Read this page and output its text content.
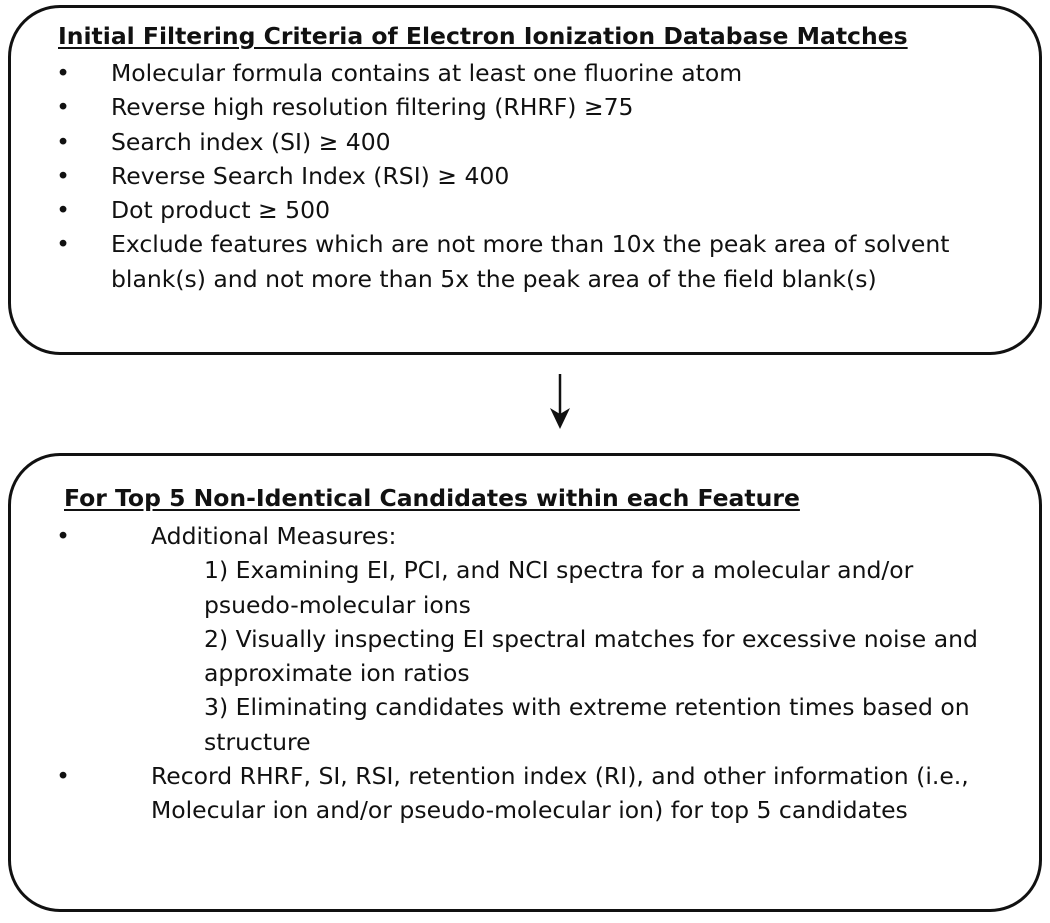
Initial Filtering Criteria of Electron Ionization Database Matches
• Molecular formula contains at least one fluorine atom
• Reverse high resolution filtering (RHRF) ≥75
• Search index (SI) ≥ 400
• Reverse Search Index (RSI) ≥ 400
• Dot product ≥ 500
• Exclude features which are not more than 10x the peak area of solvent blank(s) and not more than 5x the peak area of the field blank(s)
For Top 5 Non-Identical Candidates within each Feature
•	Additional Measures:
1) Examining EI, PCI, and NCI spectra for a molecular and/or psuedo-molecular ions
2) Visually inspecting EI spectral matches for excessive noise and approximate ion ratios
3) Eliminating candidates with extreme retention times based on structure
•	Record RHRF, SI, RSI, retention index (RI), and other information (i.e., Molecular ion and/or pseudo-molecular ion) for top 5 candidates
